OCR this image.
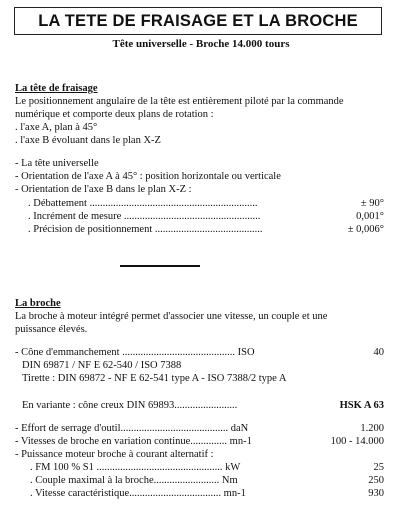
LA TETE DE FRAISAGE ET LA BROCHE
Tête universelle - Broche 14.000 tours
La tête de fraisage
Le positionnement angulaire de la tête est entièrement piloté par la commande
numérique et comporte deux plans de rotation :
. l'axe A, plan à 45°
. l'axe B évoluant dans le plan X-Z
- La tête universelle
- Orientation de l'axe A à 45° : position horizontale ou verticale
- Orientation de l'axe B dans le plan X-Z :
. Débattement ................................................................	± 90°
. Incrément de mesure ....................................................	0,001°
. Précision de positionnement .........................................	± 0,006°
La broche
La broche à moteur intégré permet d'associer une vitesse, un couple et une
puissance élevés.
- Cône d'emmanchement ........................................... ISO	40
DIN 69871 / NF E 62-540 / ISO 7388
Tirette : DIN 69872 - NF E 62-541 type A - ISO 7388/2 type A
En variante : cône creux DIN 69893........................	HSK A 63
- Effort de serrage d'outil......................................... daN	1.200
- Vitesses de broche en variation continue.............. mn-1	100 - 14.000
- Puissance moteur broche à courant alternatif :
. FM 100 % S1 ................................................ kW	25
. Couple maximal à la broche......................... Nm	250
. Vitesse caractéristique................................... mn-1	930
